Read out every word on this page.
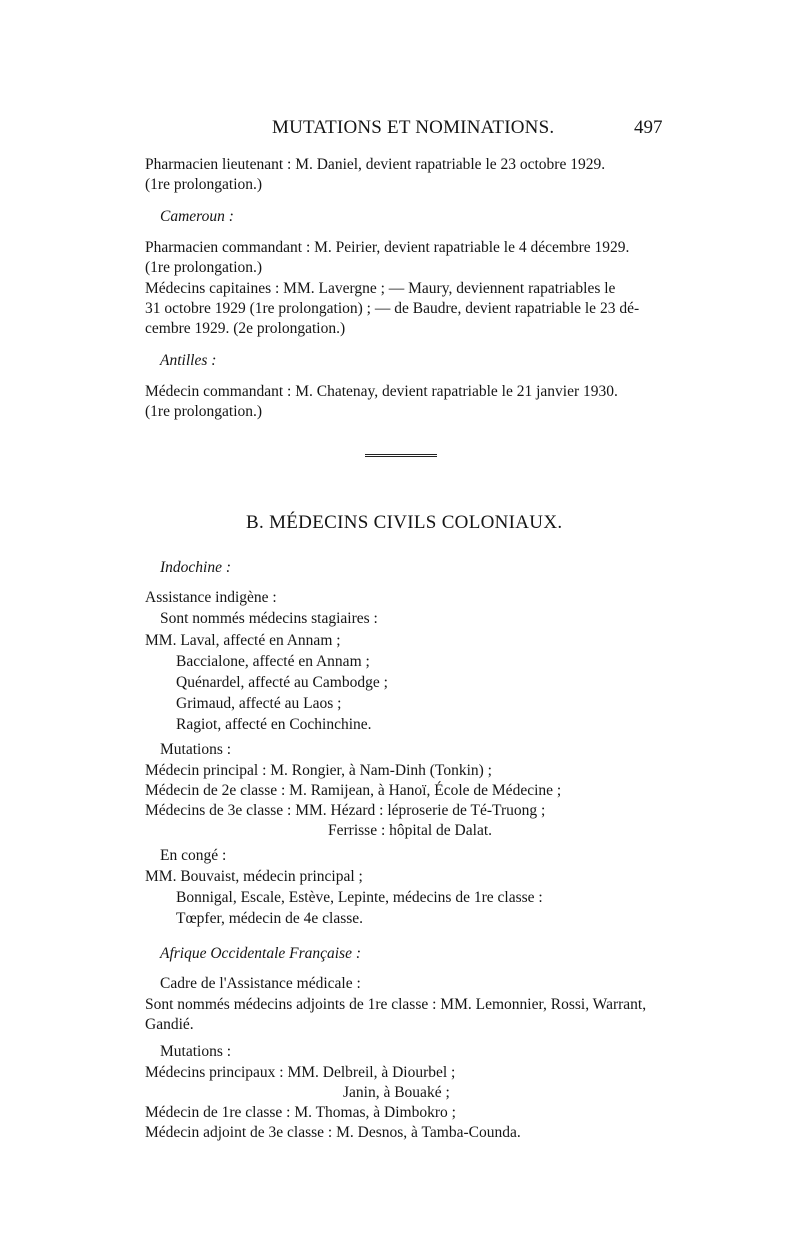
MUTATIONS ET NOMINATIONS.	497
Pharmacien lieutenant : M. Daniel, devient rapatriable le 23 octobre 1929.
(1re prolongation.)
Cameroun :
Pharmacien commandant : M. Peirier, devient rapatriable le 4 décembre 1929.
(1re prolongation.)
Médecins capitaines : MM. Lavergne ; — Maury, deviennent rapatriables le
31 octobre 1929 (1re prolongation) ; — de Baudre, devient rapatriable le 23 dé-
cembre 1929. (2e prolongation.)
Antilles :
Médecin commandant : M. Chatenay, devient rapatriable le 21 janvier 1930.
(1re prolongation.)
B. MÉDECINS CIVILS COLONIAUX.
Indochine :
Assistance indigène :
Sont nommés médecins stagiaires :
MM. Laval, affecté en Annam ;
Baccialone, affecté en Annam ;
Quénardel, affecté au Cambodge ;
Grimaud, affecté au Laos ;
Ragiot, affecté en Cochinchine.
Mutations :
Médecin principal : M. Rongier, à Nam-Dinh (Tonkin) ;
Médecin de 2e classe : M. Ramijean, à Hanoï, École de Médecine ;
Médecins de 3e classe : MM. Hézard : léproserie de Té-Truong ;
Ferrisse : hôpital de Dalat.
En congé :
MM. Bouvaist, médecin principal ;
Bonnigal, Escale, Estève, Lepinte, médecins de 1re classe :
Tœpfer, médecin de 4e classe.
Afrique Occidentale Française :
Cadre de l'Assistance médicale :
Sont nommés médecins adjoints de 1re classe : MM. Lemonnier, Rossi, Warrant,
Gandié.
Mutations :
Médecins principaux : MM. Delbreil, à Diourbel ;
Janin, à Bouaké ;
Médecin de 1re classe : M. Thomas, à Dimbokro ;
Médecin adjoint de 3e classe : M. Desnos, à Tamba-Counda.
